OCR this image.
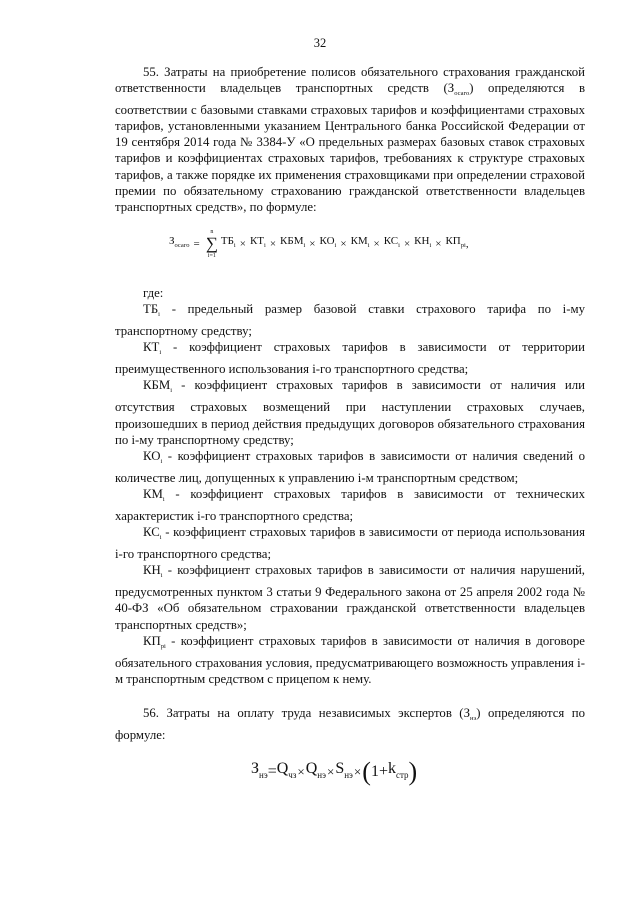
32

55. Затраты на приобретение полисов обязательного страхования гражданской ответственности владельцев транспортных средств $(З_{осаго})$ определяются в соответствии с базовыми ставками страховых тарифов и коэффициентами страховых тарифов, установленными указанием Центрального банка Российской Федерации от 19 сентября 2014 года № 3384-У «О предельных размерах базовых ставок страховых тарифов и коэффициентах страховых тарифов, требованиях к структуре страховых тарифов, а также порядке их применения страховщиками при определении страховой премии по обязательному страхованию гражданской ответственности владельцев транспортных средств», по формуле:

$З_{осаго}$ =
n
∑
i=1
$ТБ_i \times КТ_i \times КБМ_i \times КО_i \times КМ_i \times КС_i \times КН_i \times КП_{рi}$ ,

где:

$ТБ_i$ - предельный размер базовой ставки страхового тарифа по i-му транспортному средству;

$КТ_i$ - коэффициент страховых тарифов в зависимости от территории преимущественного использования i-го транспортного средства;

$КБМ_i$ - коэффициент страховых тарифов в зависимости от наличия или отсутствия страховых возмещений при наступлении страховых случаев, произошедших в период действия предыдущих договоров обязательного страхования по i-му транспортному средству;

$КО_i$ - коэффициент страховых тарифов в зависимости от наличия сведений о количестве лиц, допущенных к управлению i-м транспортным средством;

$КМ_i$ - коэффициент страховых тарифов в зависимости от технических характеристик i-го транспортного средства;

$КС_i$ - коэффициент страховых тарифов в зависимости от периода использования i-го транспортного средства;

$КН_i$ - коэффициент страховых тарифов в зависимости от наличия нарушений, предусмотренных пунктом 3 статьи 9 Федерального закона от 25 апреля 2002 года № 40-ФЗ «Об обязательном страховании гражданской ответственности владельцев транспортных средств»;

$КП_{рi}$ - коэффициент страховых тарифов в зависимости от наличия в договоре обязательного страхования условия, предусматривающего возможность управления i-м транспортным средством с прицепом к нему.

56. Затраты на оплату труда независимых экспертов $(З_{нэ})$ определяются по формуле:

$З_{нэ} = Q_{чз} \times Q_{нэ} \times S_{нэ}$ × ( $1 + k_{стр}$ )
